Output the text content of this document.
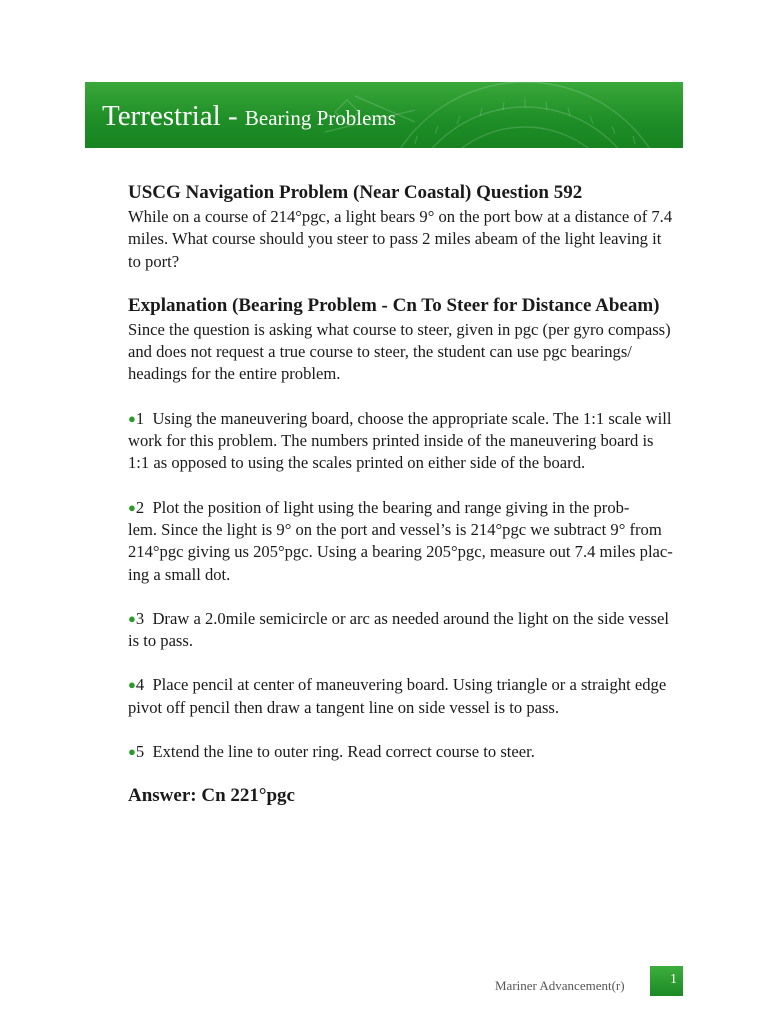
Terrestrial - Bearing Problems
USCG Navigation Problem (Near Coastal) Question 592

While on a course of 214°pgc, a light bears 9° on the port bow at a distance of 7.4
miles. What course should you steer to pass 2 miles abeam of the light leaving it
to port?

Explanation (Bearing Problem - Cn To Steer for Distance Abeam)

Since the question is asking what course to steer, given in pgc (per gyro compass)
and does not request a true course to steer, the student can use pgc bearings/
headings for the entire problem.

●1 Using the maneuvering board, choose the appropriate scale. The 1:1 scale will
work for this problem. The numbers printed inside of the maneuvering board is
1:1 as opposed to using the scales printed on either side of the board.
●2 Plot the position of light using the bearing and range giving in the prob-
lem. Since the light is 9° on the port and vessel’s is 214°pgc we subtract 9° from
214°pgc giving us 205°pgc. Using a bearing 205°pgc, measure out 7.4 miles plac-
ing a small dot.
●3 Draw a 2.0mile semicircle or arc as needed around the light on the side vessel
is to pass.
●4 Place pencil at center of maneuvering board. Using triangle or a straight edge
pivot off pencil then draw a tangent line on side vessel is to pass.
●5 Extend the line to outer ring. Read correct course to steer.

Answer: Cn 221°pgc

Mariner Advancement(r)	1
